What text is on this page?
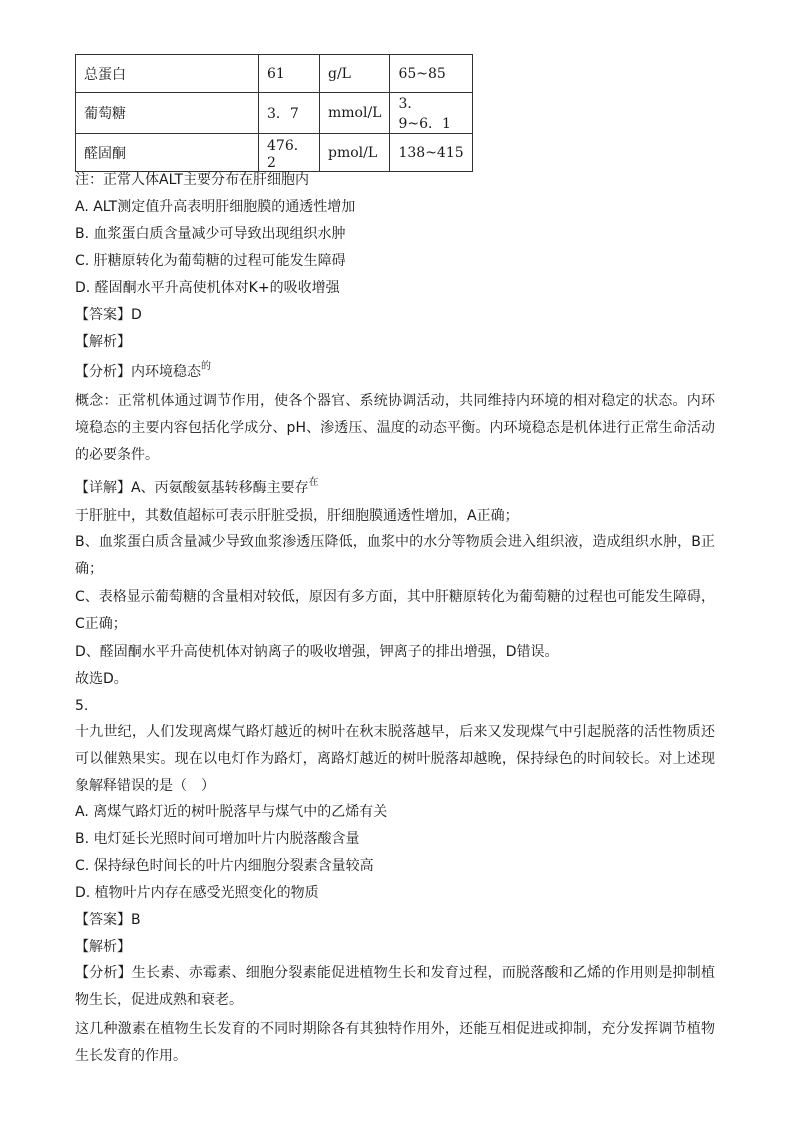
总蛋白	61	g/L	65~85
葡萄糖	3．7	mmol/L	3．9~6．1
醛固酮	476．2	pmol/L	138~415
注：正常人体ALT主要分布在肝细胞内
A. ALT测定值升高表明肝细胞膜的通透性增加
B. 血浆蛋白质含量减少可导致出现组织水肿
C. 肝糖原转化为葡萄糖的过程可能发生障碍
D. 醛固酮水平升高使机体对K+的吸收增强
【答案】D
【解析】
【分析】内环境稳态$^的$
概念：正常机体通过调节作用，使各个器官、系统协调活动，共同维持内环境的相对稳定的状态。内环境稳态的主要内容包括化学成分、pH、渗透压、温度的动态平衡。内环境稳态是机体进行正常生命活动的必要条件。
【详解】A、丙氨酸氨基转移酶主要存$^在$
于肝脏中，其数值超标可表示肝脏受损，肝细胞膜通透性增加，A正确；
B、血浆蛋白质含量减少导致血浆渗透压降低，血浆中的水分等物质会进入组织液，造成组织水肿，B正确；
C、表格显示葡萄糖的含量相对较低，原因有多方面，其中肝糖原转化为葡萄糖的过程也可能发生障碍，C正确；
D、醛固酮水平升高使机体对钠离子的吸收增强，钾离子的排出增强，D错误。
故选D。
5.
十九世纪，人们发现离煤气路灯越近的树叶在秋末脱落越早，后来又发现煤气中引起脱落的活性物质还可以催熟果实。现在以电灯作为路灯，离路灯越近的树叶脱落却越晚，保持绿色的时间较长。对上述现象解释错误的是（　）
A. 离煤气路灯近的树叶脱落早与煤气中的乙烯有关
B. 电灯延长光照时间可增加叶片内脱落酸含量
C. 保持绿色时间长的叶片内细胞分裂素含量较高
D. 植物叶片内存在感受光照变化的物质
【答案】B
【解析】
【分析】生长素、赤霉素、细胞分裂素能促进植物生长和发育过程，而脱落酸和乙烯的作用则是抑制植物生长，促进成熟和衰老。
这几种激素在植物生长发育的不同时期除各有其独特作用外，还能互相促进或抑制，充分发挥调节植物生长发育的作用。
